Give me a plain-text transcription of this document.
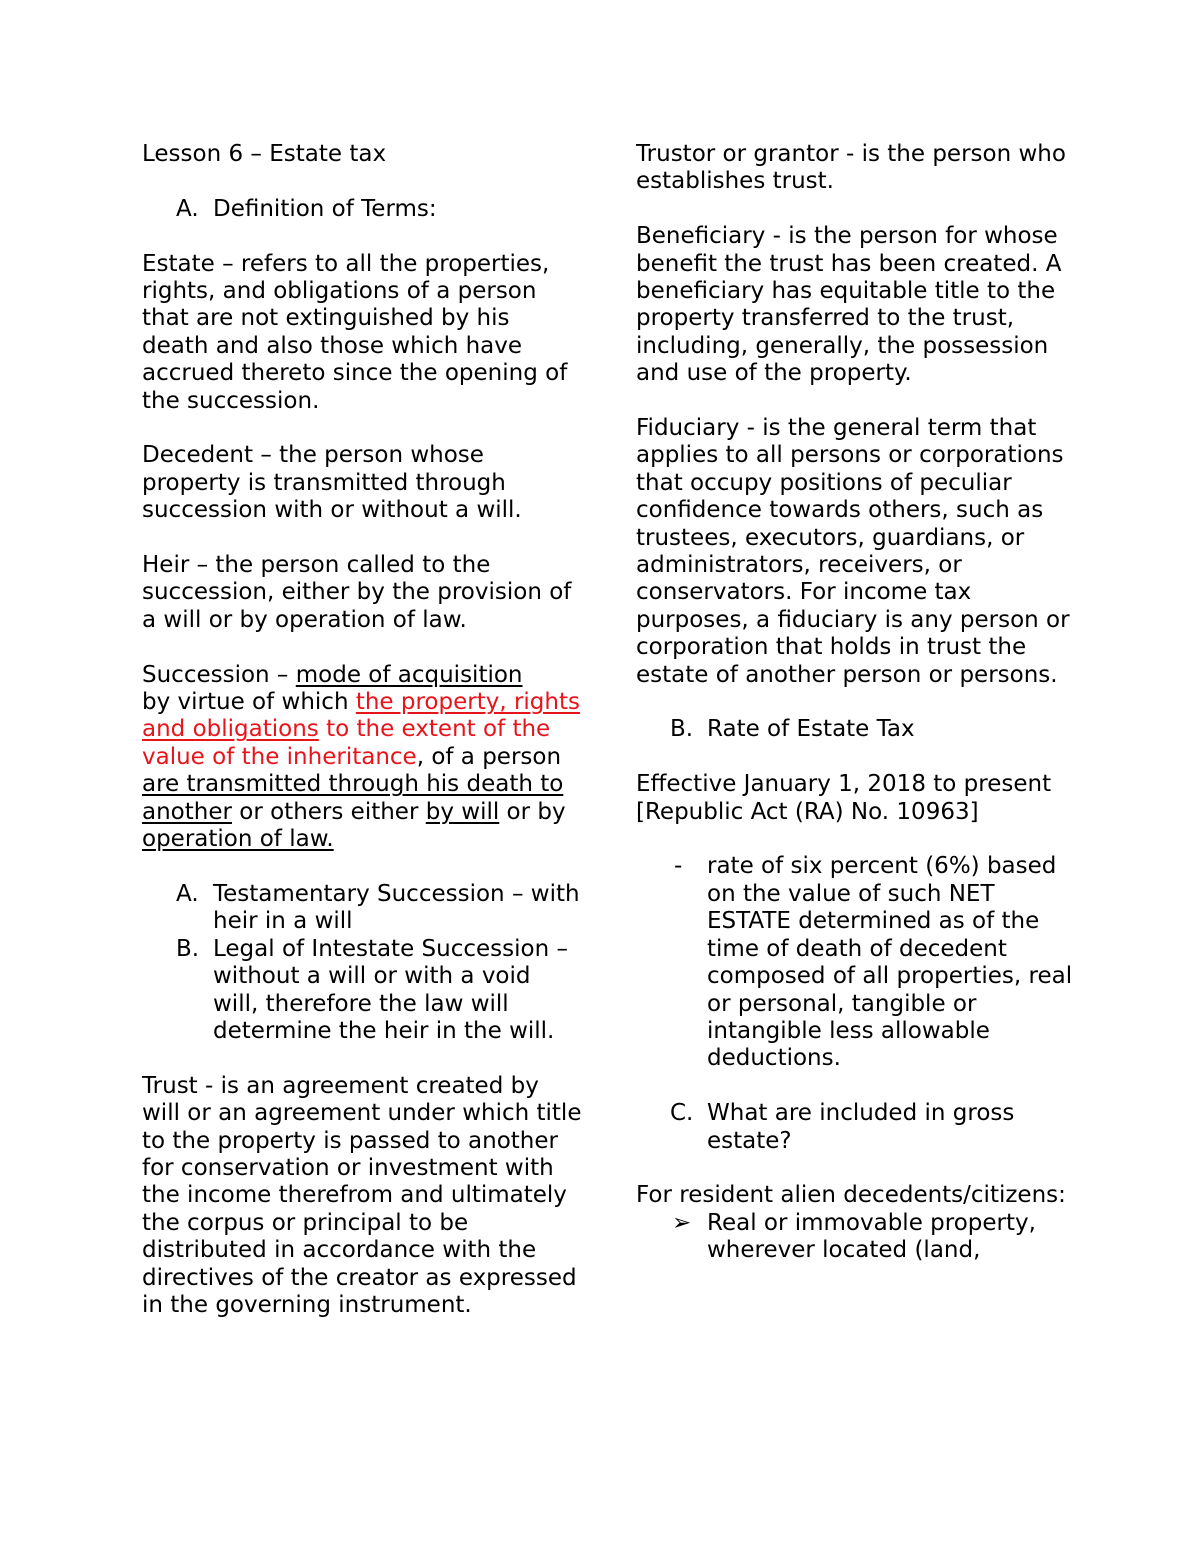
Lesson 6 – Estate tax

A. Definition of Terms:

Estate – refers to all the properties, rights, and obligations of a person that are not extinguished by his death and also those which have accrued thereto since the opening of the succession.

Decedent – the person whose property is transmitted through succession with or without a will.

Heir – the person called to the succession, either by the provision of a will or by operation of law.

Succession – mode of acquisition
by virtue of which the property, rights and obligations to the extent of the value of the inheritance, of a person are transmitted through his death to another or others either by will or by operation of law.

A. Testamentary Succession – with heir in a will
B. Legal of Intestate Succession – without a will or with a void will, therefore the law will determine the heir in the will.

Trust - is an agreement created by will or an agreement under which title to the property is passed to another for conservation or investment with the income therefrom and ultimately the corpus or principal to be distributed in accordance with the directives of the creator as expressed in the governing instrument.

Trustor or grantor - is the person who establishes trust.

Beneficiary - is the person for whose benefit the trust has been created. A beneficiary has equitable title to the property transferred to the trust, including, generally, the possession and use of the property.

Fiduciary - is the general term that applies to all persons or corporations that occupy positions of peculiar confidence towards others, such as trustees, executors, guardians, or administrators, receivers, or conservators. For income tax purposes, a fiduciary is any person or corporation that holds in trust the estate of another person or persons.

B. Rate of Estate Tax

Effective January 1, 2018 to present [Republic Act (RA) No. 10963]

- rate of six percent (6%) based on the value of such NET ESTATE determined as of the time of death of decedent composed of all properties, real or personal, tangible or intangible less allowable deductions.
C. What are included in gross estate?

For resident alien decedents/citizens:

➢ Real or immovable property, wherever located (land,
